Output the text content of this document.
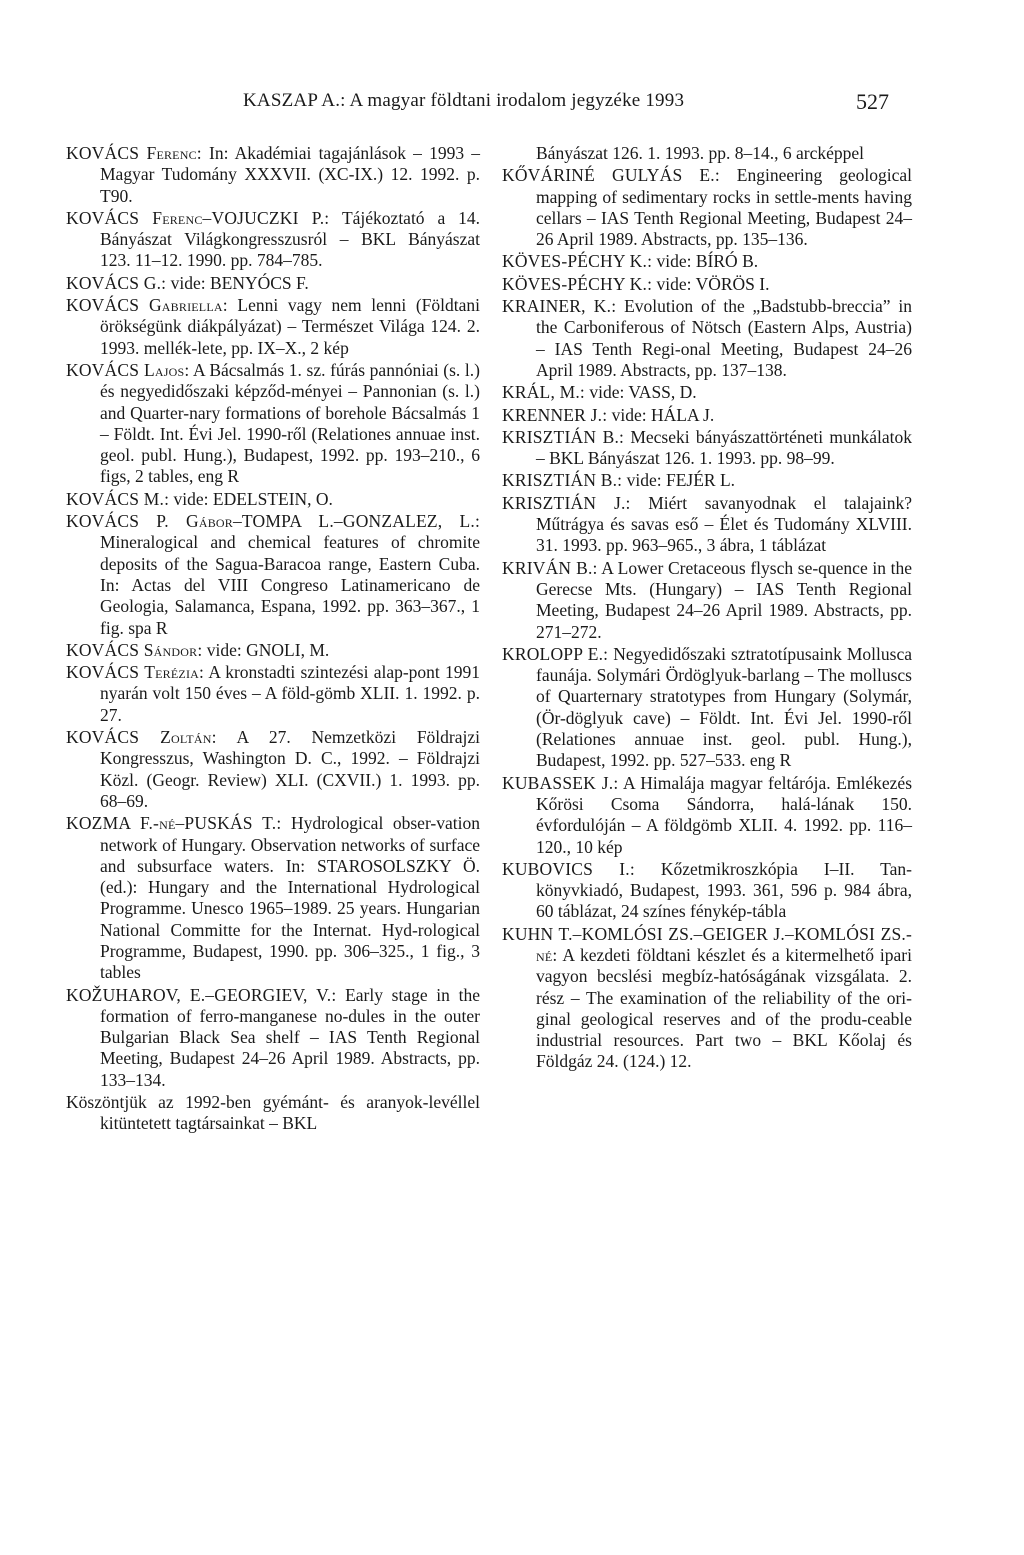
KASZAP A.: A magyar földtani irodalom jegyzéke 1993	527

KOVÁCS Ferenc: In: Akadémiai tagajánlások – 1993 – Magyar Tudomány XXXVII. (XC-IX.) 12. 1992. p. T90.

KOVÁCS Ferenc–VOJUCZKI P.: Tájékoztató a 14. Bányászat Világkongresszusról – BKL Bányászat 123. 11–12. 1990. pp. 784–785.

KOVÁCS G.: vide: BENYÓCS F.

KOVÁCS Gabriella: Lenni vagy nem lenni (Földtani örökségünk diákpályázat) – Természet Világa 124. 2. 1993. mellék-lete, pp. IX–X., 2 kép

KOVÁCS Lajos: A Bácsalmás 1. sz. fúrás pannóniai (s. l.) és negyedidőszaki képződ-ményei – Pannonian (s. l.) and Quarter-nary formations of borehole Bácsalmás 1 – Földt. Int. Évi Jel. 1990-ről (Relationes annuae inst. geol. publ. Hung.), Budapest, 1992. pp. 193–210., 6 figs, 2 tables, eng R

KOVÁCS M.: vide: EDELSTEIN, O.

KOVÁCS P. Gábor–TOMPA L.–GONZALEZ, L.: Mineralogical and chemical features of chromite deposits of the Sagua-Baracoa range, Eastern Cuba. In: Actas del VIII Congreso Latinamericano de Geologia, Salamanca, Espana, 1992. pp. 363–367., 1 fig. spa R

KOVÁCS Sándor: vide: GNOLI, M.

KOVÁCS Terézia: A kronstadti szintezési alap-pont 1991 nyarán volt 150 éves – A föld-gömb XLII. 1. 1992. p. 27.

KOVÁCS Zoltán: A 27. Nemzetközi Földrajzi Kongresszus, Washington D. C., 1992. – Földrajzi Közl. (Geogr. Review) XLI. (CXVII.) 1. 1993. pp. 68–69.

KOZMA F.-né–PUSKÁS T.: Hydrological obser-vation network of Hungary. Observation networks of surface and subsurface waters. In: STAROSOLSZKY Ö. (ed.): Hungary and the International Hydrological Programme. Unesco 1965–1989. 25 years. Hungarian National Committe for the Internat. Hyd-rological Programme, Budapest, 1990. pp. 306–325., 1 fig., 3 tables

KOŽUHAROV, E.–GEORGIEV, V.: Early stage in the formation of ferro-manganese no-dules in the outer Bulgarian Black Sea shelf – IAS Tenth Regional Meeting, Budapest 24–26 April 1989. Abstracts, pp. 133–134.

Köszöntjük az 1992-ben gyémánt- és aranyok-levéllel kitüntetett tagtársainkat – BKL

Bányászat 126. 1. 1993. pp. 8–14., 6 arcképpel

KŐVÁRINÉ GULYÁS E.: Engineering geological mapping of sedimentary rocks in settle-ments having cellars – IAS Tenth Regional Meeting, Budapest 24–26 April 1989. Abstracts, pp. 135–136.

KÖVES-PÉCHY K.: vide: BÍRÓ B.

KÖVES-PÉCHY K.: vide: VÖRÖS I.

KRAINER, K.: Evolution of the „Badstubb-breccia” in the Carboniferous of Nötsch (Eastern Alps, Austria) – IAS Tenth Regi-onal Meeting, Budapest 24–26 April 1989. Abstracts, pp. 137–138.

KRÁL, M.: vide: VASS, D.

KRENNER J.: vide: HÁLA J.

KRISZTIÁN B.: Mecseki bányászattörténeti munkálatok – BKL Bányászat 126. 1. 1993. pp. 98–99.

KRISZTIÁN B.: vide: FEJÉR L.

KRISZTIÁN J.: Miért savanyodnak el talajaink? Műtrágya és savas eső – Élet és Tudomány XLVIII. 31. 1993. pp. 963–965., 3 ábra, 1 táblázat

KRIVÁN B.: A Lower Cretaceous flysch se-quence in the Gerecse Mts. (Hungary) – IAS Tenth Regional Meeting, Budapest 24–26 April 1989. Abstracts, pp. 271–272.

KROLOPP E.: Negyedidőszaki sztratotípusaink Mollusca faunája. Solymári Ördöglyuk-barlang – The molluscs of Quarternary stratotypes from Hungary (Solymár, (Ör-döglyuk cave) – Földt. Int. Évi Jel. 1990-ről (Relationes annuae inst. geol. publ. Hung.), Budapest, 1992. pp. 527–533. eng R

KUBASSEK J.: A Himalája magyar feltárója. Emlékezés Kőrösi Csoma Sándorra, halá-lának 150. évfordulóján – A földgömb XLII. 4. 1992. pp. 116–120., 10 kép

KUBOVICS I.: Kőzetmikroszkópia I–II. Tan-könyvkiadó, Budapest, 1993. 361, 596 p. 984 ábra, 60 táblázat, 24 színes fénykép-tábla

KUHN T.–KOMLÓSI ZS.–GEIGER J.–KOMLÓSI ZS.-né: A kezdeti földtani készlet és a kitermelhető ipari vagyon becslési megbíz-hatóságának vizsgálata. 2. rész – The examination of the reliability of the ori-ginal geological reserves and of the produ-ceable industrial resources. Part two – BKL Kőolaj és Földgáz 24. (124.) 12.
